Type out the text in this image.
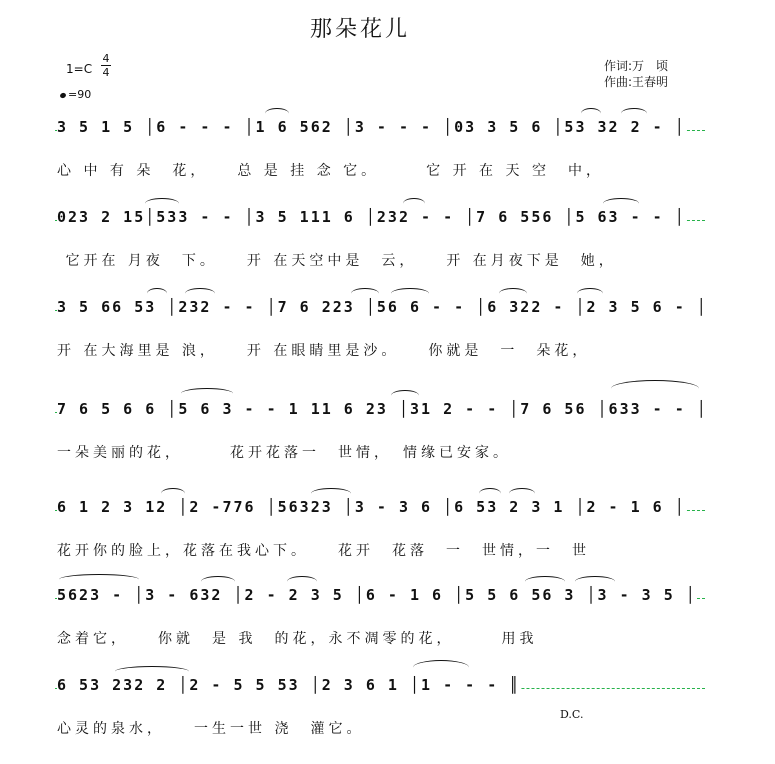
那朵花儿
1=C
4
4
=90
作词:万　顷
作曲:王春明
3 5 1 5 │6 - - - │1 6 562 │3 - - - │03 3 5 6 │53 32 2 - │
心 中 有 朵　花，　　总 是 挂 念 它。　　　它 开 在 天 空　中，
023 2 15│533 - - │3 5 111 6 │232 - - │7 6 556 │5 63 - - │
它开在 月夜　下。　　开 在天空中是　云，　　开 在月夜下是　她，
3 5 66 53 │232 - - │7 6 223 │56 6 - - │6 322 - │2 3 5 6 - │
开 在大海里是 浪，　　开 在眼睛里是沙。　　你就是　一　朵花，
7 6 5 6 6 │5 6 3 - - 1 11 6 23 │31 2 - - │7 6 56 │633 - - │
一朵美丽的花，　　　花开花落一　世情，　情缘已安家。
6 1 2 3 12 │2 -776 │56323 │3 - 3 6 │6 53 2 3 1 │2 - 1 6 │
花开你的脸上，花落在我心下。　　花开　花落　一　世情，一　世
5623 - │3 - 632 │2 - 2 3 5 │6 - 1 6 │5 5 6 56 3 │3 - 3 5 │
念着它，　　你就　是 我　的花，永不凋零的花，　　　用我
6 53 232 2 │2 - 5 5 53 │2 3 6 1 │1 - - - ║
心灵的泉水，　　一生一世 浇　灌它。
D.C.
